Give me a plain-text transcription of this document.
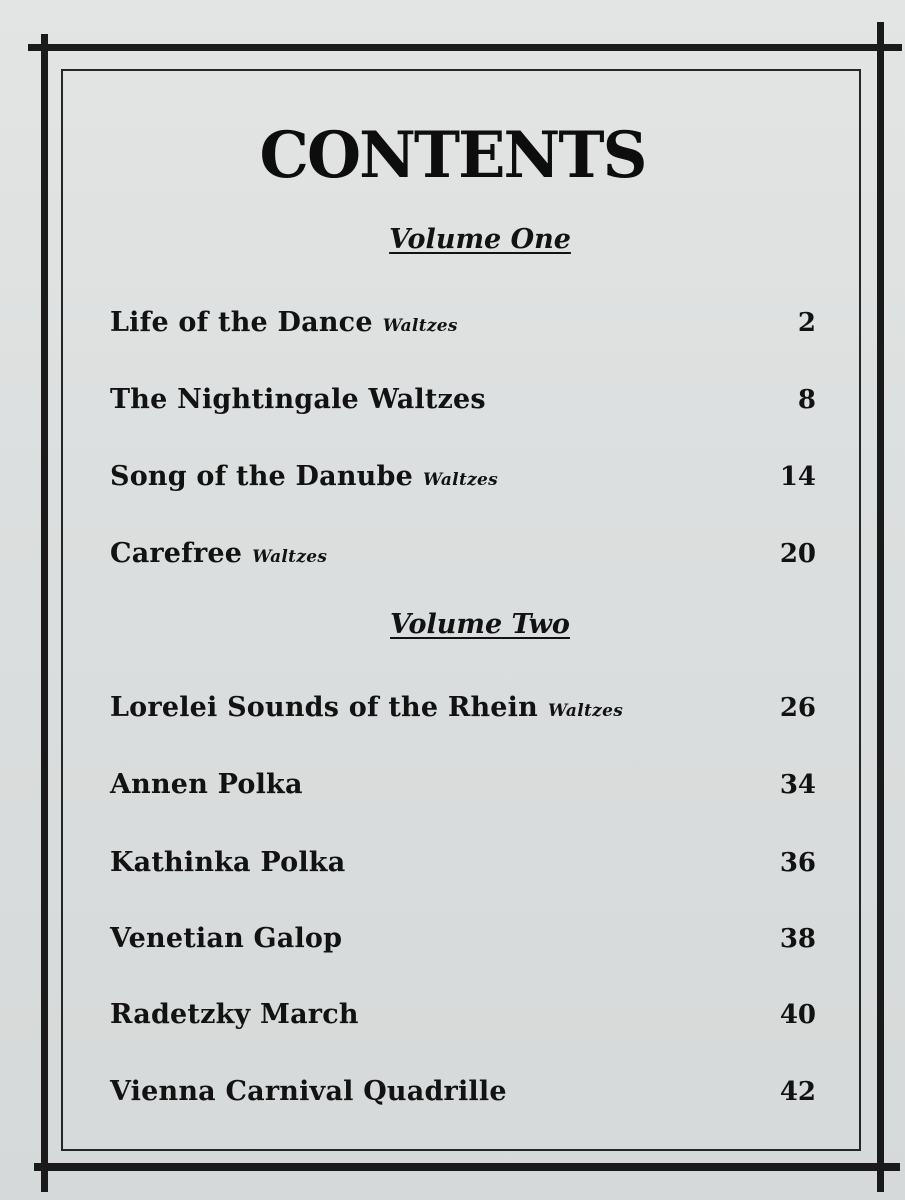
CONTENTS
Volume One
Life of the Dance Waltzes	2
The Nightingale Waltzes	8
Song of the Danube Waltzes	14
Carefree Waltzes	20
Volume Two
Lorelei Sounds of the Rhein Waltzes	26
Annen Polka	34
Kathinka Polka	36
Venetian Galop	38
Radetzky March	40
Vienna Carnival Quadrille	42
